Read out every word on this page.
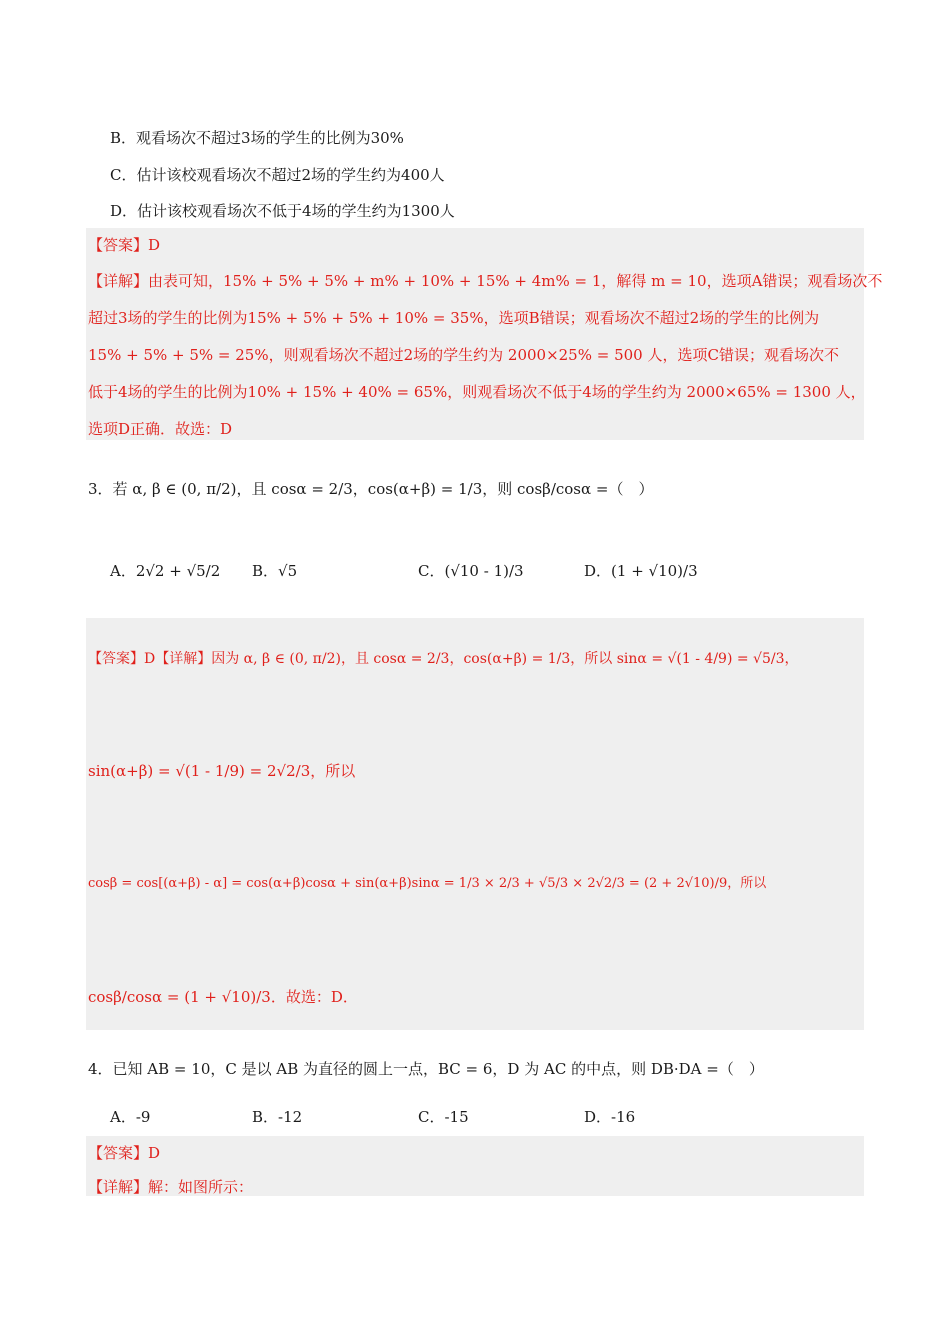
B．观看场次不超过3场的学生的比例为30%
C．估计该校观看场次不超过2场的学生约为400人
D．估计该校观看场次不低于4场的学生约为1300人
【答案】D
【详解】由表可知，15% + 5% + 5% + m% + 10% + 15% + 4m% = 1，解得 m = 10，选项A错误；观看场次不
超过3场的学生的比例为15% + 5% + 5% + 10% = 35%，选项B错误；观看场次不超过2场的学生的比例为
15% + 5% + 5% = 25%，则观看场次不超过2场的学生约为 2000×25% = 500 人，选项C错误；观看场次不
低于4场的学生的比例为10% + 15% + 40% = 65%，则观看场次不低于4场的学生约为 2000×65% = 1300 人，
选项D正确．故选：D
3．若 α, β ∈ (0, π/2)，且 cosα = 2/3，cos(α+β) = 1/3，则 cosβ/cosα =（　）
A．2√2 + √5/2 B．√5	C．(√10 - 1)/3	D．(1 + √10)/3
【答案】D【详解】因为 α, β ∈ (0, π/2)，且 cosα = 2/3，cos(α+β) = 1/3，所以 sinα = √(1 - 4/9) = √5/3，
sin(α+β) = √(1 - 1/9) = 2√2/3，所以
cosβ = cos[(α+β) - α] = cos(α+β)cosα + sin(α+β)sinα = 1/3 × 2/3 + √5/3 × 2√2/3 = (2 + 2√10)/9，所以
cosβ/cosα = (1 + √10)/3．故选：D．
4．已知 AB = 10，C 是以 AB 为直径的圆上一点，BC = 6，D 为 AC 的中点，则 DB·DA =（　）
A．-9	B．-12	C．-15	D．-16
【答案】D
【详解】解：如图所示：
